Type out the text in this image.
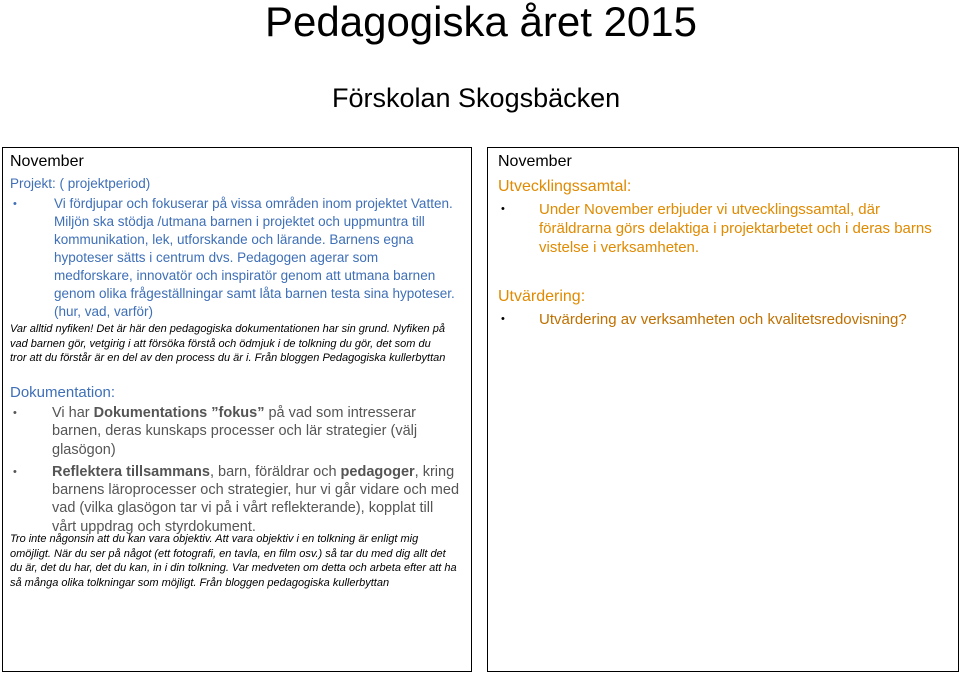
Pedagogiska året 2015
Förskolan Skogsbäcken
November
Projekt: ( projektperiod)
•	Vi fördjupar och fokuserar på vissa områden inom projektet Vatten. Miljön ska stödja /utmana barnen i projektet och uppmuntra till kommunikation, lek, utforskande och lärande. Barnens egna hypoteser sätts i centrum dvs. Pedagogen agerar som medforskare, innovatör och inspiratör genom att utmana barnen genom olika frågeställningar samt låta barnen testa sina hypoteser. (hur, vad, varför)
Var alltid nyfiken! Det är här den pedagogiska dokumentationen har sin grund. Nyfiken på vad barnen gör, vetgirig i att försöka förstå och ödmjuk i de tolkning du gör, det som du tror att du förstår är en del av den process du är i. Från bloggen Pedagogiska kullerbyttan
Dokumentation:
• Vi har Dokumentations ”fokus” på vad som intresserar barnen, deras kunskaps processer och lär strategier (välj glasögon)
• Reflektera tillsammans, barn, föräldrar och pedagoger, kring barnens läroprocesser och strategier, hur vi går vidare och med vad (vilka glasögon tar vi på i vårt reflekterande), kopplat till vårt uppdrag och styrdokument.
Tro inte någonsin att du kan vara objektiv. Att vara objektiv i en tolkning är enligt mig omöjligt. När du ser på något (ett fotografi, en tavla, en film osv.) så tar du med dig allt det du är, det du har, det du kan, in i din tolkning. Var medveten om detta och arbeta efter att ha så många olika tolkningar som möjligt. Från bloggen pedagogiska kullerbyttan
November
Utvecklingssamtal:
• Under November erbjuder vi utvecklingssamtal, där föräldrarna görs delaktiga i projektarbetet och i deras barns vistelse i verksamheten.
Utvärdering:
• Utvärdering av verksamheten och kvalitetsredovisning?
